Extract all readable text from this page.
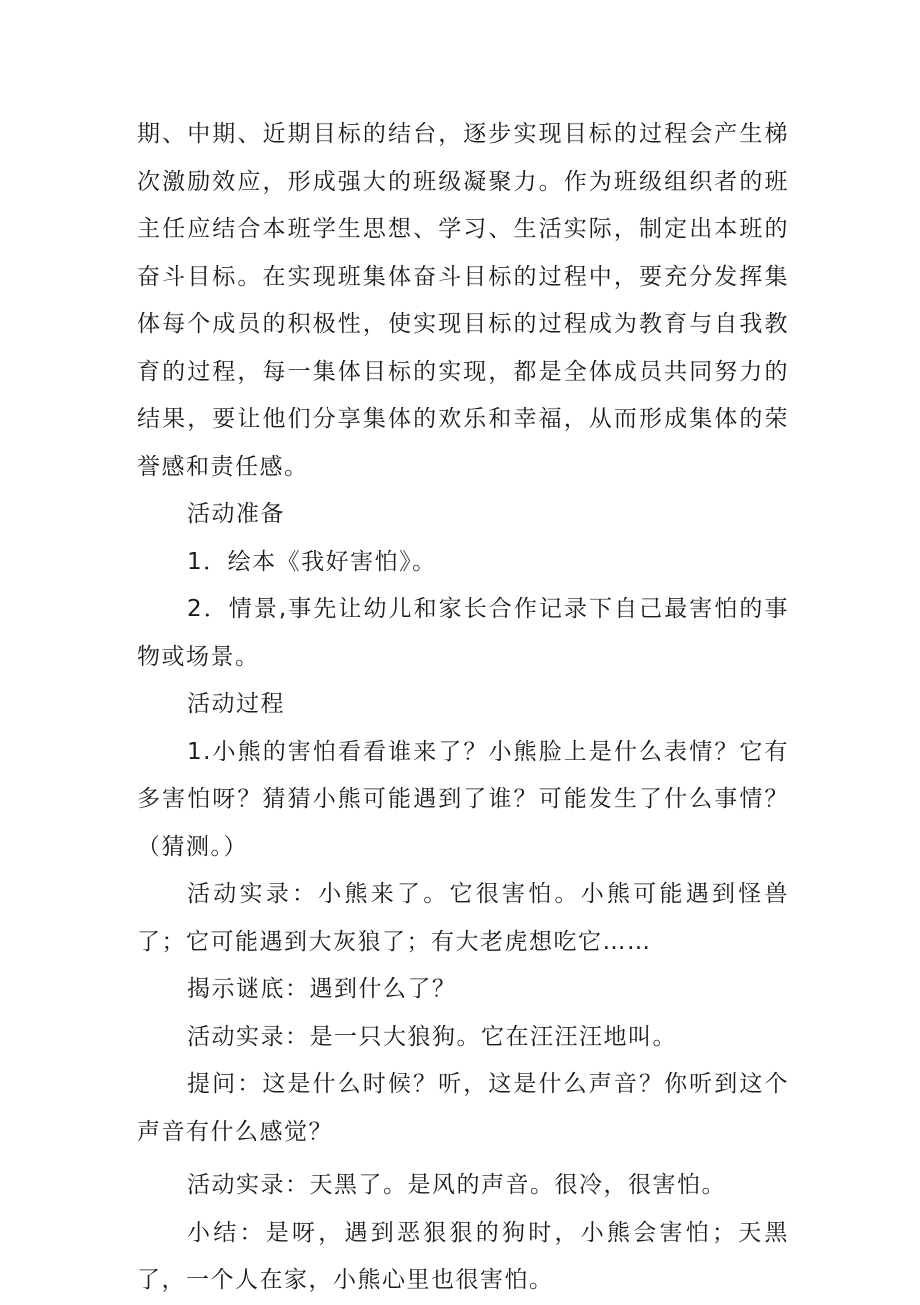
期、中期、近期目标的结台，逐步实现目标的过程会产生梯次激励效应，形成强大的班级凝聚力。作为班级组织者的班主任应结合本班学生思想、学习、生活实际，制定出本班的奋斗目标。在实现班集体奋斗目标的过程中，要充分发挥集体每个成员的积极性，使实现目标的过程成为教育与自我教育的过程，每一集体目标的实现，都是全体成员共同努力的结果，要让他们分享集体的欢乐和幸福，从而形成集体的荣誉感和责任感。

活动准备

1．绘本《我好害怕》。

2．情景,事先让幼儿和家长合作记录下自己最害怕的事物或场景。

活动过程

1.小熊的害怕看看谁来了？小熊脸上是什么表情？它有多害怕呀？猜猜小熊可能遇到了谁？可能发生了什么事情？（猜测。）

活动实录：小熊来了。它很害怕。小熊可能遇到怪兽了；它可能遇到大灰狼了；有大老虎想吃它……

揭示谜底：遇到什么了？

活动实录：是一只大狼狗。它在汪汪汪地叫。

提问：这是什么时候？听，这是什么声音？你听到这个声音有什么感觉？

活动实录：天黑了。是风的声音。很冷，很害怕。

小结：是呀，遇到恶狠狠的狗时，小熊会害怕；天黑了，一个人在家，小熊心里也很害怕。
